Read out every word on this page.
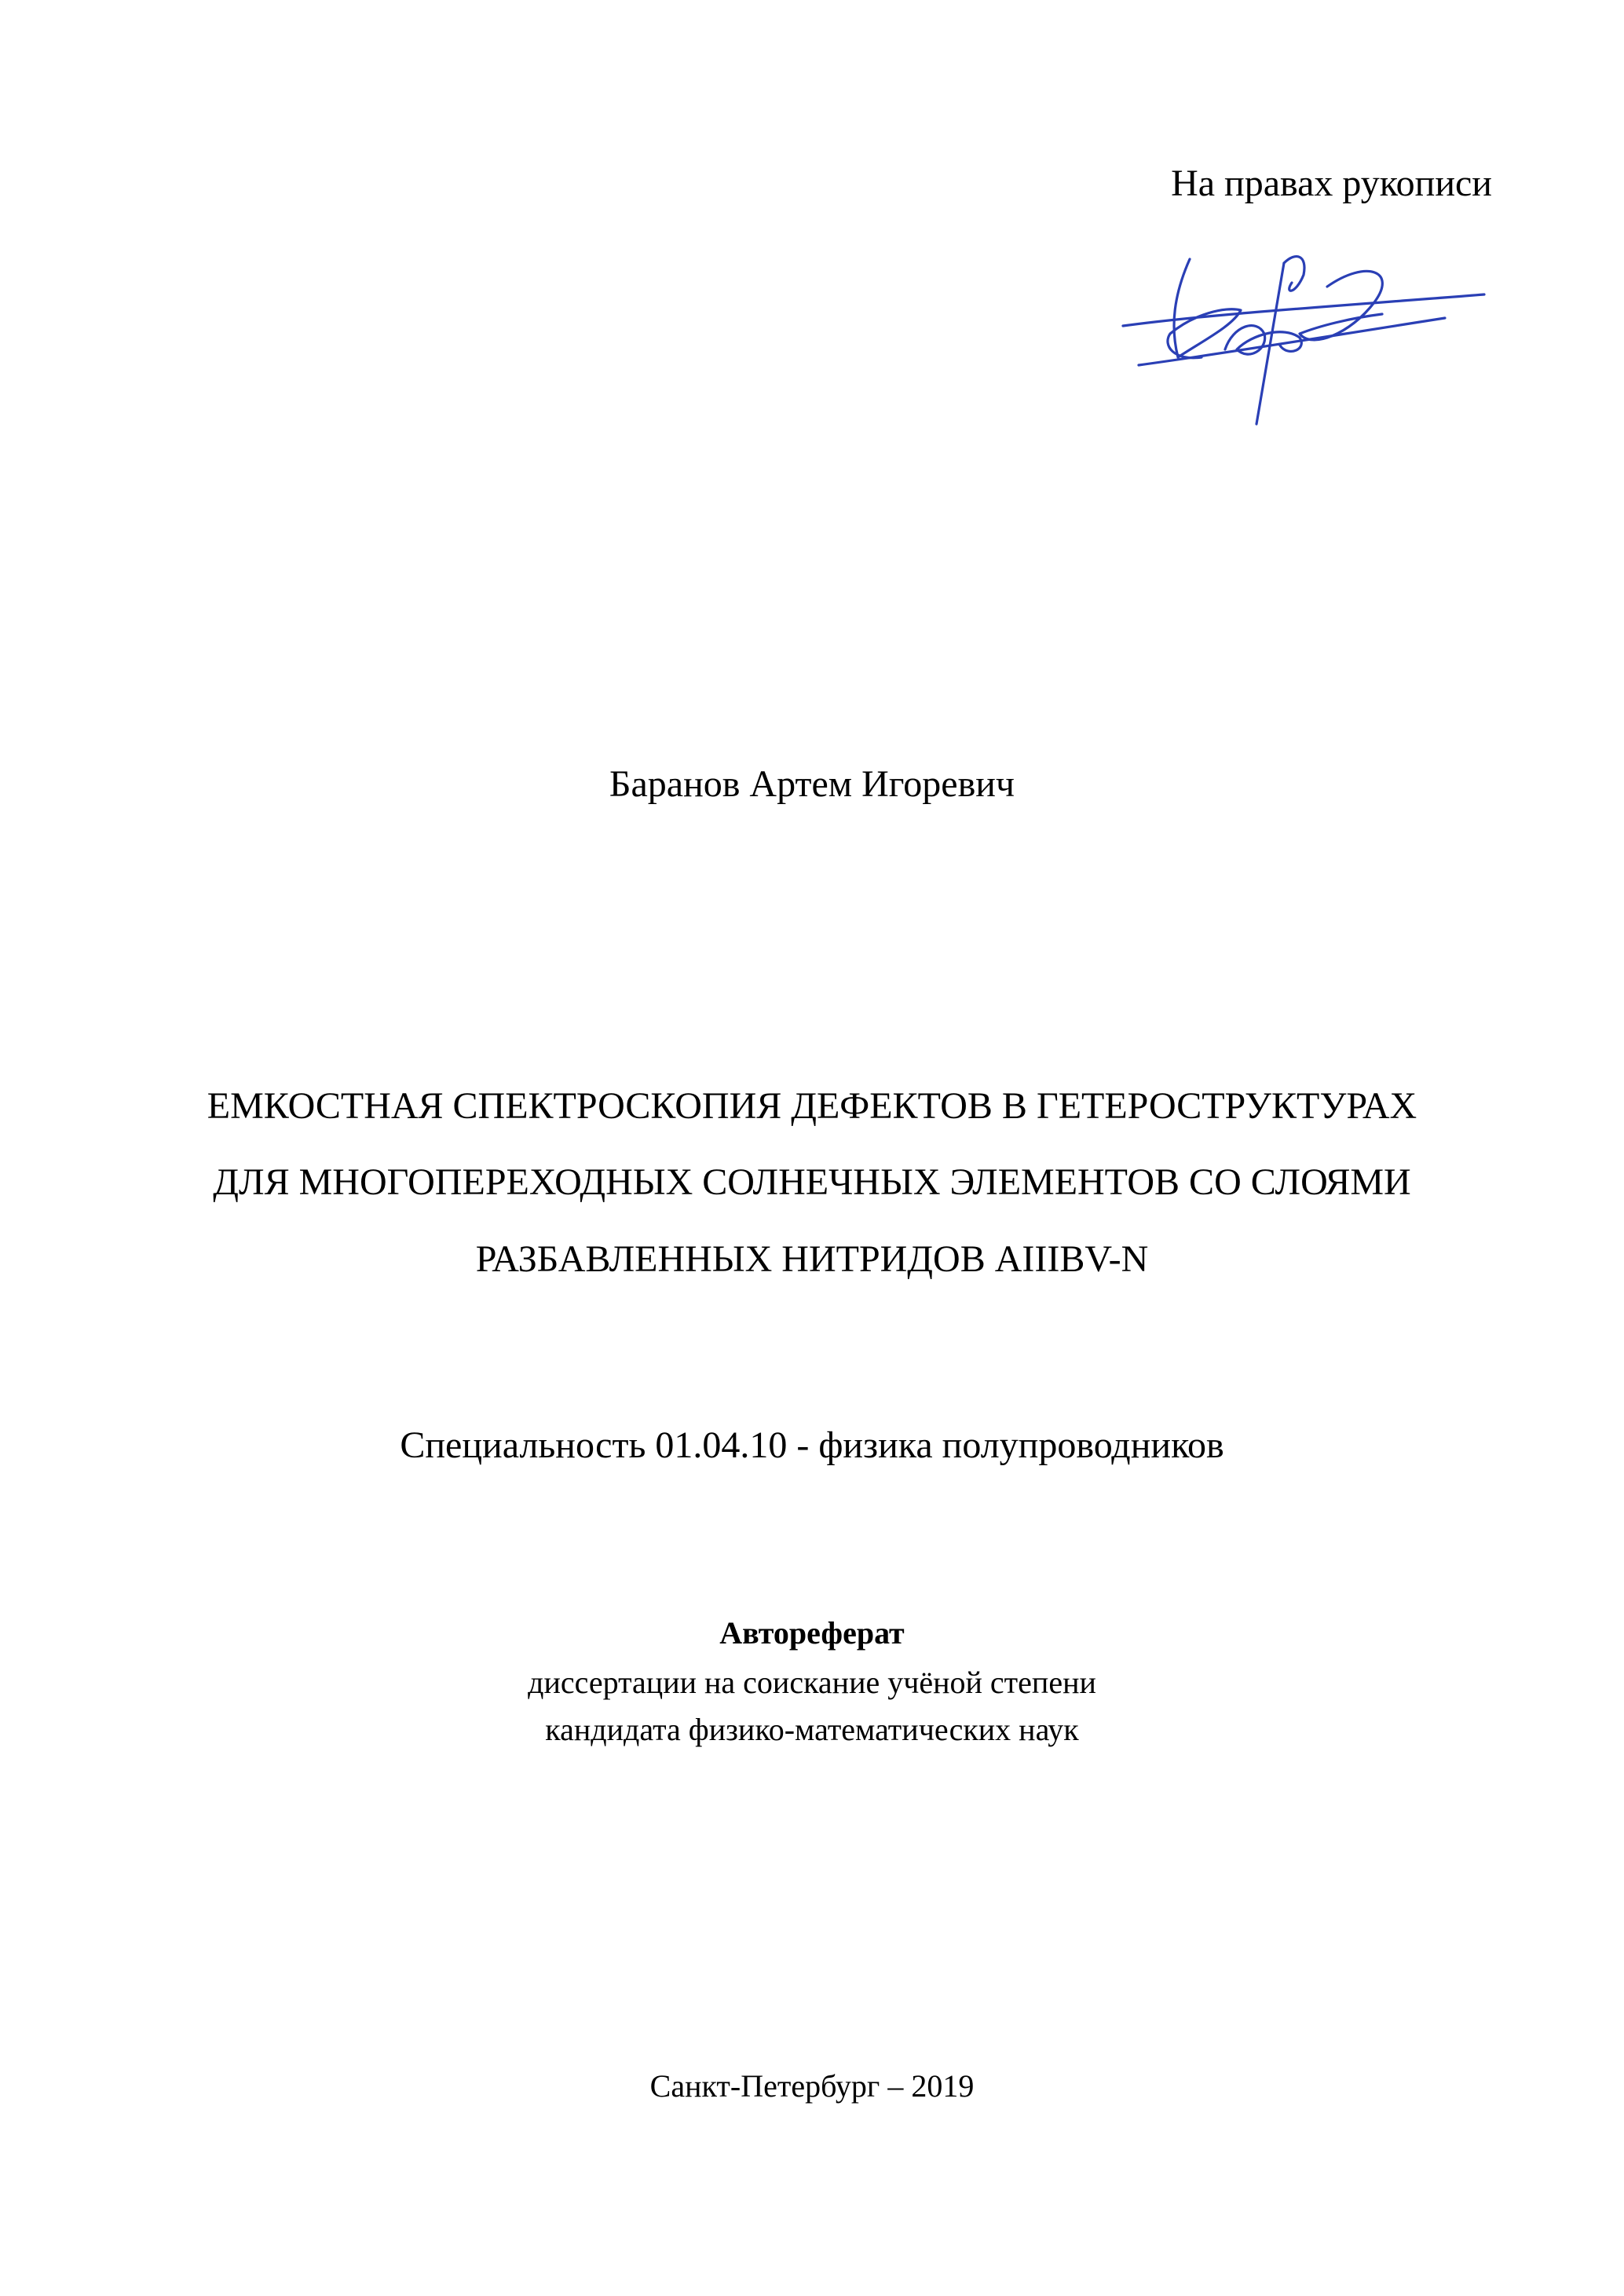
На правах рукописи
Баранов Артем Игоревич
ЕМКОСТНАЯ СПЕКТРОСКОПИЯ ДЕФЕКТОВ В ГЕТЕРОСТРУКТУРАХ
ДЛЯ МНОГОПЕРЕХОДНЫХ СОЛНЕЧНЫХ ЭЛЕМЕНТОВ СО СЛОЯМИ
РАЗБАВЛЕННЫХ НИТРИДОВ AIIIBV-N
Специальность 01.04.10 - физика полупроводников
Автореферат
диссертации на соискание учёной степени
кандидата физико-математических наук
Санкт-Петербург – 2019
